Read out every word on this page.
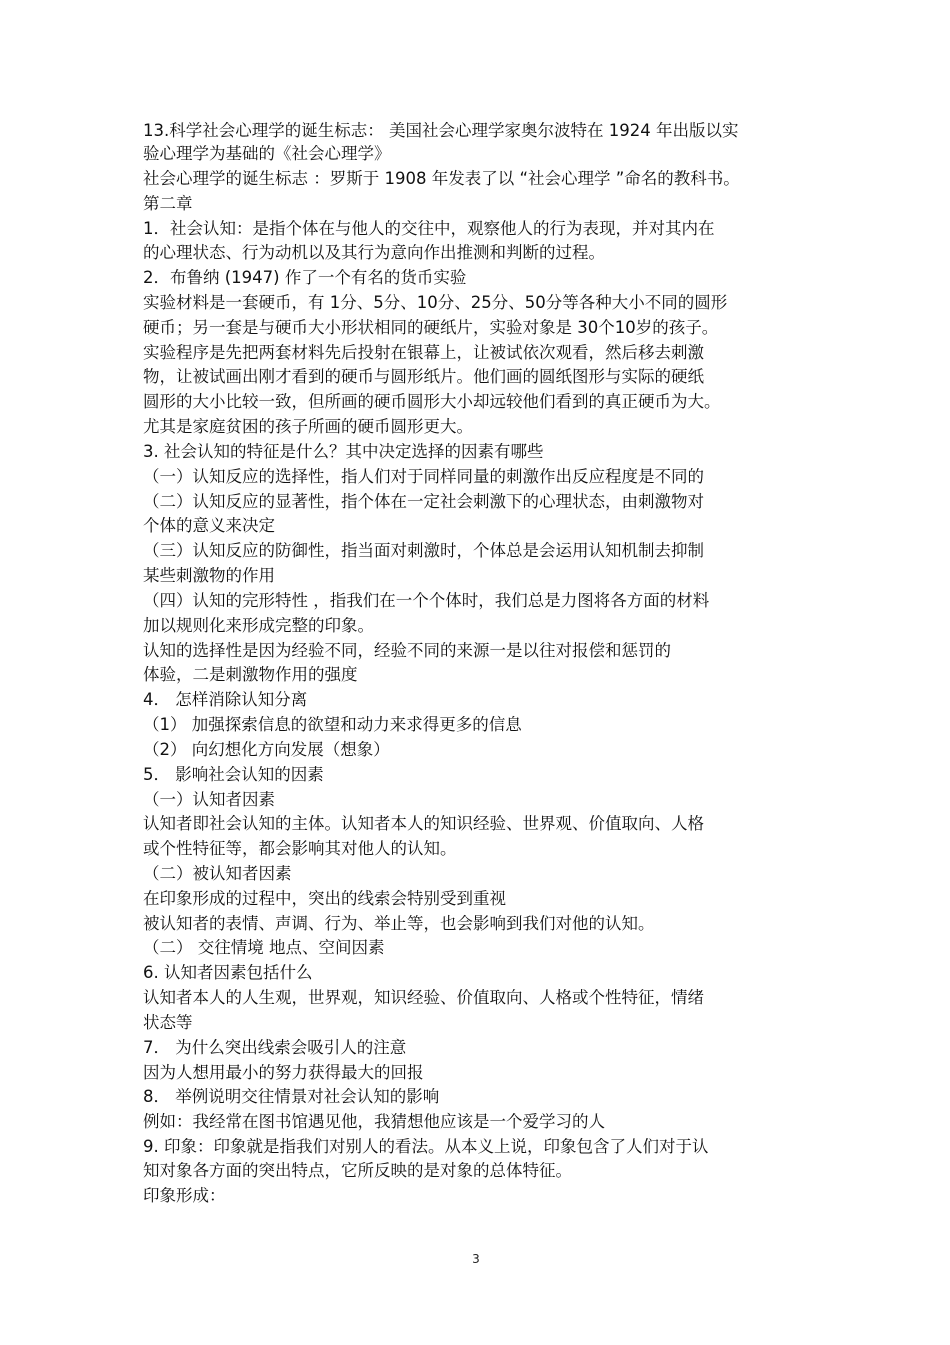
13.科学社会心理学的诞生标志： 美国社会心理学家奥尔波特在 1924 年出版以实
验心理学为基础的《社会心理学》
社会心理学的诞生标志 ：罗斯于 1908 年发表了以 “社会心理学 ”命名的教科书。
第二章
1．社会认知：是指个体在与他人的交往中，观察他人的行为表现，并对其内在
的心理状态、行为动机以及其行为意向作出推测和判断的过程。
2．布鲁纳 (1947) 作了一个有名的货币实验
实验材料是一套硬币，有 1分、5分、10分、25分、50分等各种大小不同的圆形
硬币；另一套是与硬币大小形状相同的硬纸片，实验对象是 30个10岁的孩子。
实验程序是先把两套材料先后投射在银幕上，让被试依次观看，然后移去刺激
物，让被试画出刚才看到的硬币与圆形纸片。他们画的圆纸图形与实际的硬纸
圆形的大小比较一致，但所画的硬币圆形大小却远较他们看到的真正硬币为大。
尤其是家庭贫困的孩子所画的硬币圆形更大。
3. 社会认知的特征是什么？其中决定选择的因素有哪些
（一）认知反应的选择性，指人们对于同样同量的刺激作出反应程度是不同的
（二）认知反应的显著性，指个体在一定社会刺激下的心理状态，由刺激物对
个体的意义来决定
（三）认知反应的防御性，指当面对刺激时，个体总是会运用认知机制去抑制
某些刺激物的作用
（四）认知的完形特性 ，指我们在一个个体时，我们总是力图将各方面的材料
加以规则化来形成完整的印象。
认知的选择性是因为经验不同，经验不同的来源一是以往对报偿和惩罚的
体验，二是刺激物作用的强度
4． 怎样消除认知分离
（1） 加强探索信息的欲望和动力来求得更多的信息
（2） 向幻想化方向发展（想象）
5． 影响社会认知的因素
（一）认知者因素
认知者即社会认知的主体。认知者本人的知识经验、世界观、价值取向、人格
或个性特征等，都会影响其对他人的认知。
（二）被认知者因素
在印象形成的过程中，突出的线索会特别受到重视
被认知者的表情、声调、行为、举止等，也会影响到我们对他的认知。
（二） 交往情境 地点、空间因素
6. 认知者因素包括什么
认知者本人的人生观，世界观，知识经验、价值取向、人格或个性特征，情绪
状态等
7． 为什么突出线索会吸引人的注意
因为人想用最小的努力获得最大的回报
8． 举例说明交往情景对社会认知的影响
例如：我经常在图书馆遇见他，我猜想他应该是一个爱学习的人
9. 印象：印象就是指我们对别人的看法。从本义上说，印象包含了人们对于认
知对象各方面的突出特点，它所反映的是对象的总体特征。
印象形成：
3
